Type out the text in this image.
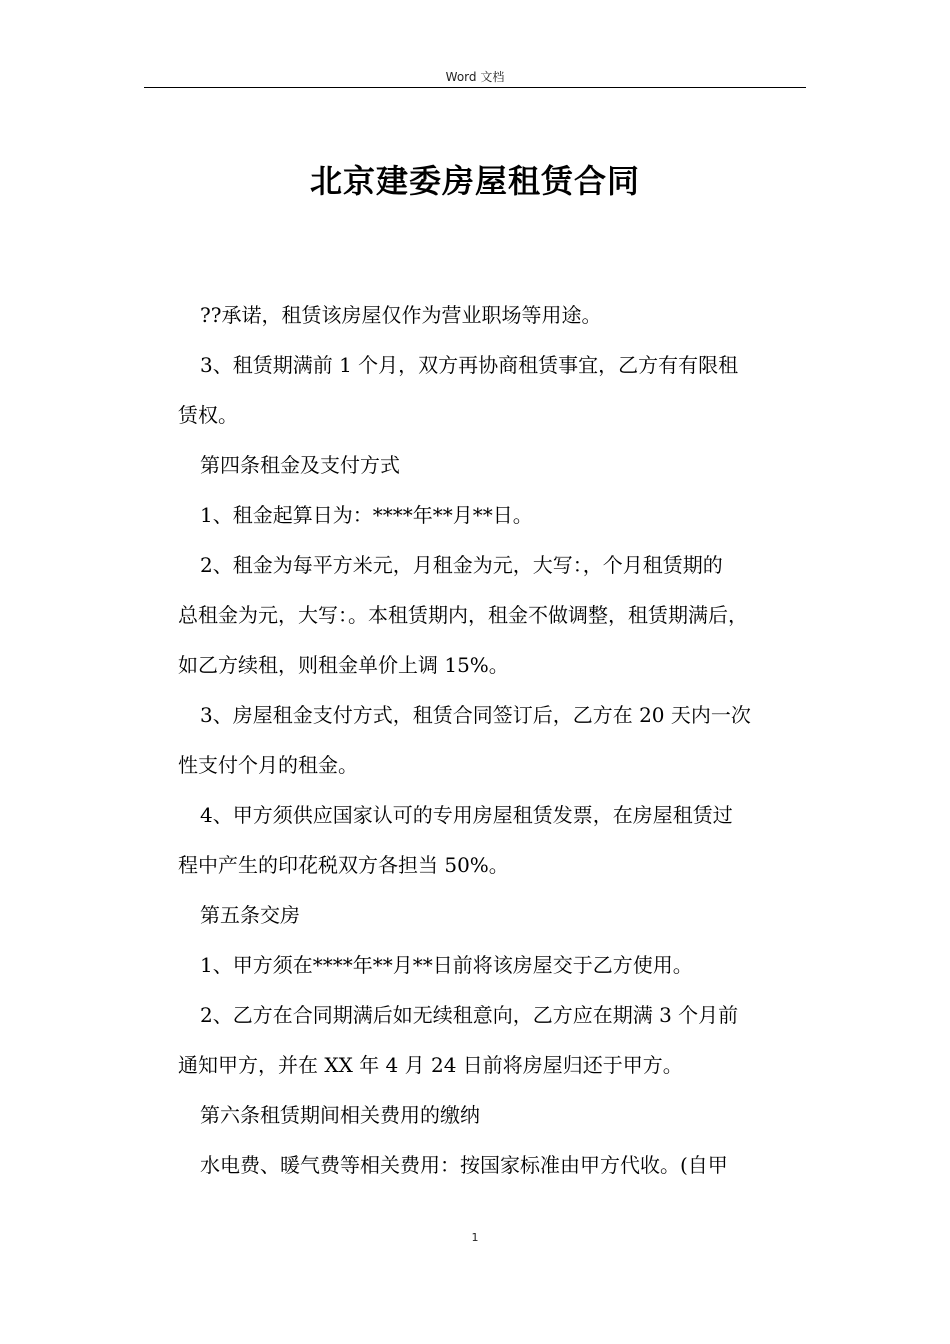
Word 文档
北京建委房屋租赁合同

??承诺，租赁该房屋仅作为营业职场等用途。

3、租赁期满前 1 个月，双方再协商租赁事宜，乙方有有限租
赁权。

第四条租金及支付方式

1、租金起算日为：****年**月**日。

2、租金为每平方米元，月租金为元，大写：，个月租赁期的
总租金为元，大写：。本租赁期内，租金不做调整，租赁期满后，
如乙方续租，则租金单价上调 15%。

3、房屋租金支付方式，租赁合同签订后，乙方在 20 天内一次
性支付个月的租金。

4、甲方须供应国家认可的专用房屋租赁发票，在房屋租赁过
程中产生的印花税双方各担当 50%。

第五条交房

1、甲方须在****年**月**日前将该房屋交于乙方使用。

2、乙方在合同期满后如无续租意向，乙方应在期满 3 个月前
通知甲方，并在 XX 年 4 月 24 日前将房屋归还于甲方。

第六条租赁期间相关费用的缴纳

水电费、暖气费等相关费用：按国家标准由甲方代收。(自甲

1
